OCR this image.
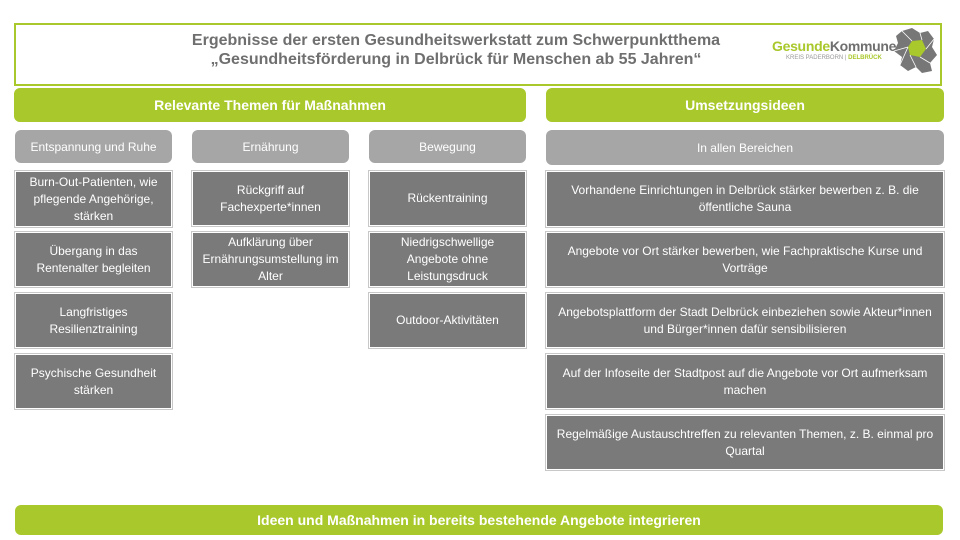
Ergebnisse der ersten Gesundheitswerkstatt zum Schwerpunktthema
„Gesundheitsförderung in Delbrück für Menschen ab 55 Jahren“
GesundeKommune
KREIS PADERBORN | DELBRÜCK
Relevante Themen für Maßnahmen	Umsetzungsideen
Entspannung und Ruhe
Burn-Out-Patienten, wie pflegende Angehörige, stärken
Übergang in das Rentenalter begleiten
Langfristiges Resilienztraining
Psychische Gesundheit stärken
Ernährung
Rückgriff auf Fachexperte*innen
Aufklärung über Ernährungsumstellung im Alter
Bewegung
Rückentraining
Niedrigschwellige Angebote ohne Leistungsdruck
Outdoor-Aktivitäten
In allen Bereichen
Vorhandene Einrichtungen in Delbrück stärker bewerben z. B. die öffentliche Sauna
Angebote vor Ort stärker bewerben, wie Fachpraktische Kurse und Vorträge
Angebotsplattform der Stadt Delbrück einbeziehen sowie Akteur*innen und Bürger*innen dafür sensibilisieren
Auf der Infoseite der Stadtpost auf die Angebote vor Ort aufmerksam machen
Regelmäßige Austauschtreffen zu relevanten Themen, z. B. einmal pro Quartal
Ideen und Maßnahmen in bereits bestehende Angebote integrieren
